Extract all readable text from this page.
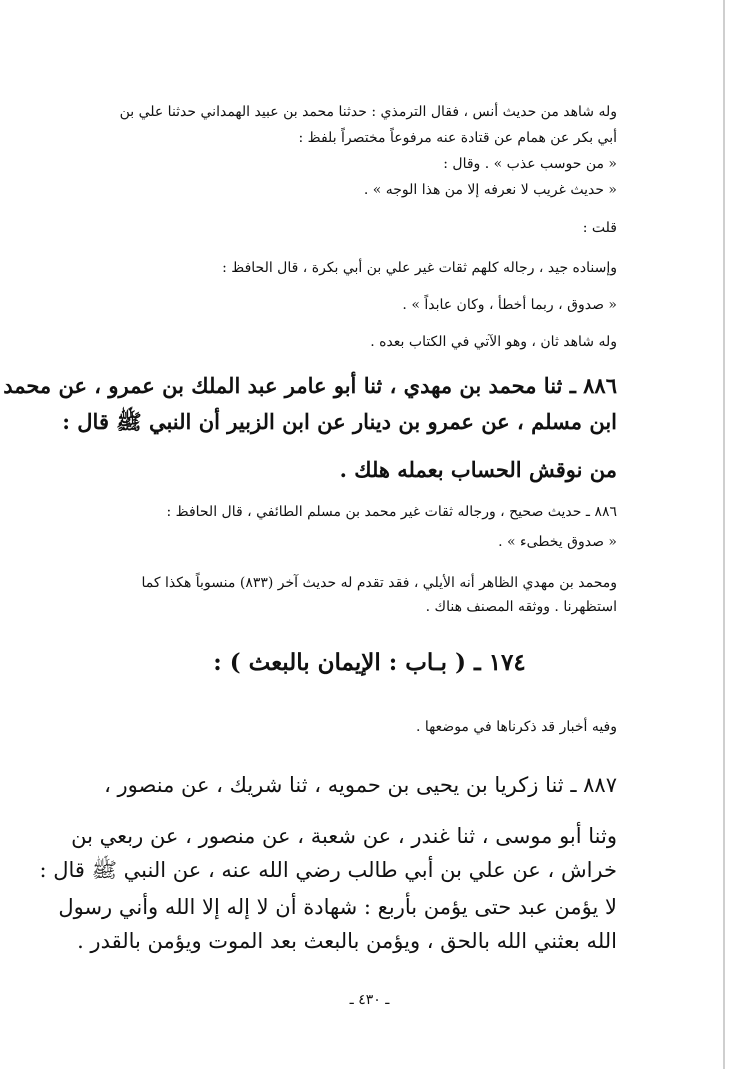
وله شاهد من حديث أنس ، فقال الترمذي : حدثنا محمد بن عبيد الهمداني حدثنا علي بن

أبي بكر عن همام عن قتادة عنه مرفوعاً مختصراً بلفظ :

« من حوسب عذب » . وقال :

« حديث غريب لا نعرفه إلا من هذا الوجه » .

قلت :

وإسناده جيد ، رجاله كلهم ثقات غير علي بن أبي بكرة ، قال الحافظ :

« صدوق ، ربما أخطأ ، وكان عابداً » .

وله شاهد ثان ، وهو الآتي في الكتاب بعده .

٨٨٦ ـ ثنا محمد بن مهدي ، ثنا أبو عامر عبد الملك بن عمرو ، عن محمد

ابن مسلم ، عن عمرو بن دينار عن ابن الزبير أن النبي ﷺ قال :

من نوقش الحساب بعمله هلك .

٨٨٦ ـ حديث صحيح ، ورجاله ثقات غير محمد بن مسلم الطائفي ، قال الحافظ :

« صدوق يخطىء » .

ومحمد بن مهدي الظاهر أنه الأيلي ، فقد تقدم له حديث آخر (٨٣٣) منسوباً هكذا كما

استظهرنا . ووثقه المصنف هناك .

١٧٤ ـ ( بـاب : الإيمان بالبعث ) :

وفيه أخبار قد ذكرناها في موضعها .

٨٨٧ ـ ثنا زكريا بن يحيى بن حمويه ، ثنا شريك ، عن منصور ،

وثنا أبو موسى ، ثنا غندر ، عن شعبة ، عن منصور ، عن ربعي بن

خراش ، عن علي بن أبي طالب رضي الله عنه ، عن النبي ﷺ قال :

لا يؤمن عبد حتى يؤمن بأربع : شهادة أن لا إله إلا الله وأني رسول

الله بعثني الله بالحق ، ويؤمن بالبعث بعد الموت ويؤمن بالقدر .

ـ ٤٣٠ ـ
